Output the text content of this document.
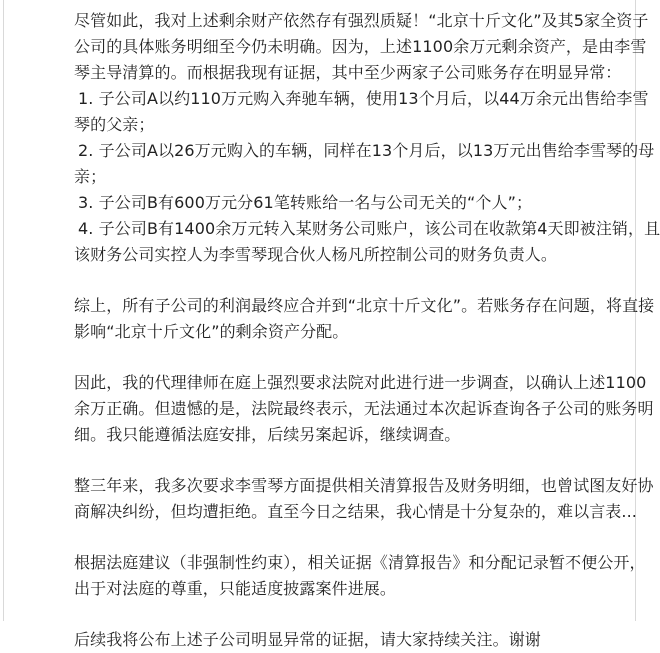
尽管如此，我对上述剩余财产依然存有强烈质疑！“北京十斤文化”及其5家全资子
公司的具体账务明细至今仍未明确。因为，上述1100余万元剩余资产，是由李雪
琴主导清算的。而根据我现有证据，其中至少两家子公司账务存在明显异常：
1. 子公司A以约110万元购入奔驰车辆，使用13个月后，以44万余元出售给李雪
琴的父亲；
2. 子公司A以26万元购入的车辆，同样在13个月后，以13万元出售给李雪琴的母
亲；
3. 子公司B有600万元分61笔转账给一名与公司无关的“个人”；
4. 子公司B有1400余万元转入某财务公司账户，该公司在收款第4天即被注销，且
该财务公司实控人为李雪琴现合伙人杨凡所控制公司的财务负责人。
综上，所有子公司的利润最终应合并到“北京十斤文化”。若账务存在问题，将直接
影响“北京十斤文化”的剩余资产分配。
因此，我的代理律师在庭上强烈要求法院对此进行进一步调查，以确认上述1100
余万正确。但遗憾的是，法院最终表示，无法通过本次起诉查询各子公司的账务明
细。我只能遵循法庭安排，后续另案起诉，继续调查。
整三年来，我多次要求李雪琴方面提供相关清算报告及财务明细，也曾试图友好协
商解决纠纷，但均遭拒绝。直至今日之结果，我心情是十分复杂的，难以言表...
根据法庭建议（非强制性约束），相关证据《清算报告》和分配记录暂不便公开，
出于对法庭的尊重，只能适度披露案件进展。
后续我将公布上述子公司明显异常的证据，请大家持续关注。谢谢
